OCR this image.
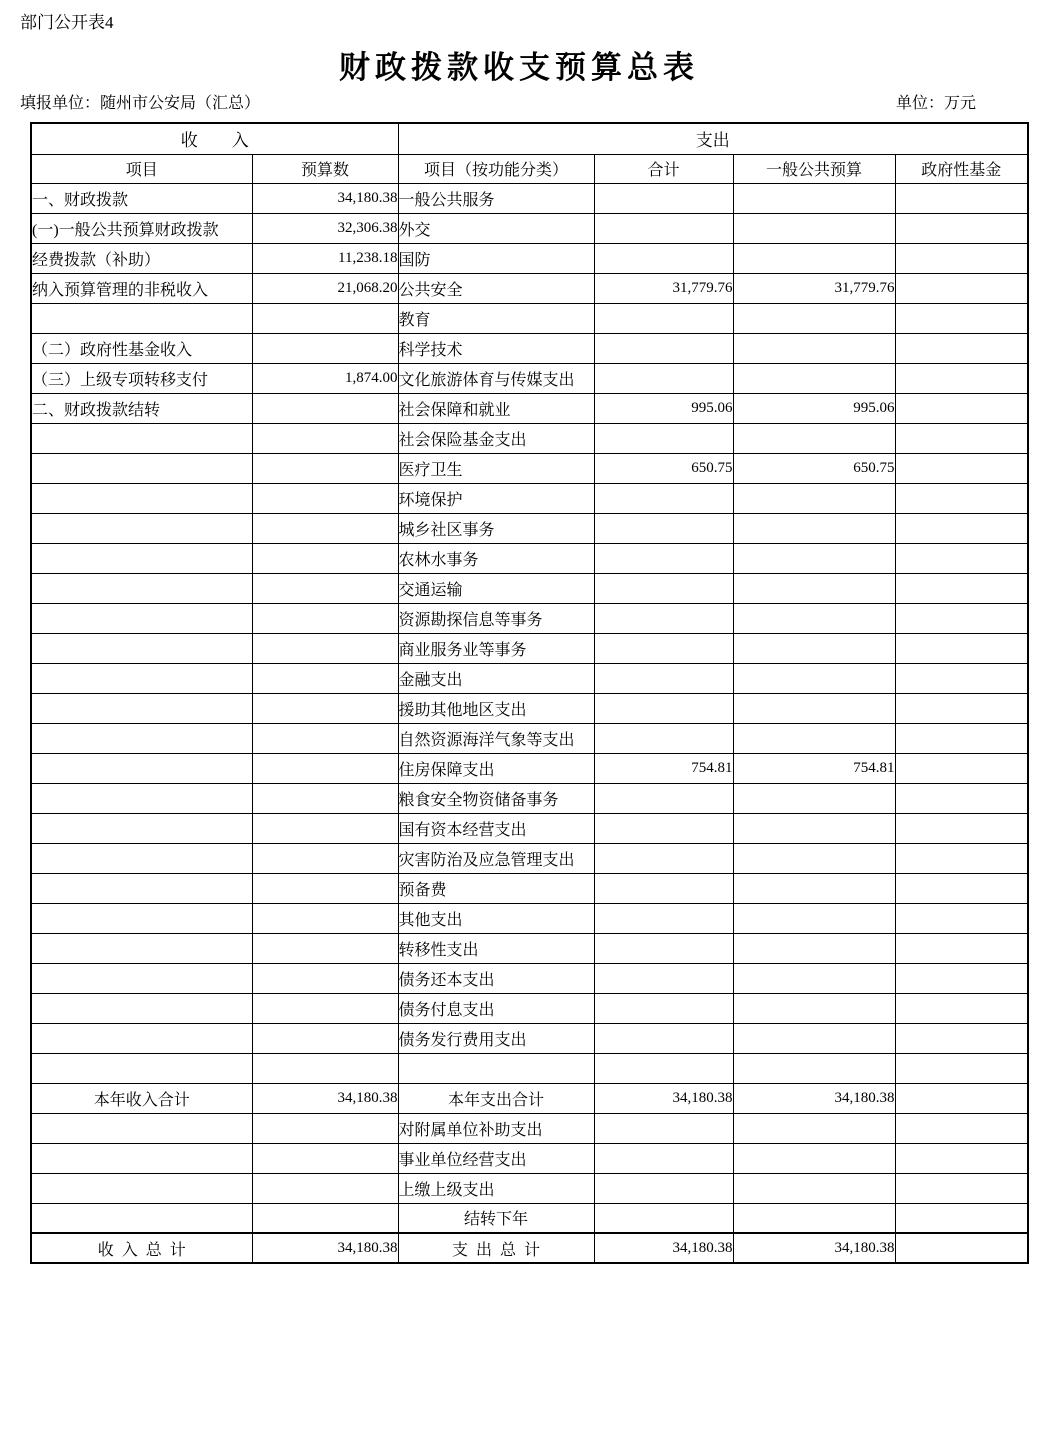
部门公开表4
财政拨款收支预算总表
填报单位：随州市公安局（汇总）	单位：万元
收        入		支出			
项目	预算数	项目（按功能分类）	合计	一般公共预算	政府性基金
一、财政拨款	34,180.38	一般公共服务			
(一)一般公共预算财政拨款	32,306.38	外交			
经费拨款（补助）	11,238.18	国防			
纳入预算管理的非税收入	21,068.20	公共安全	31,779.76	31,779.76	
		教育			
（二）政府性基金收入		科学技术			
（三）上级专项转移支付	1,874.00	文化旅游体育与传媒支出			
二、财政拨款结转		社会保障和就业	995.06	995.06	
		社会保险基金支出			
		医疗卫生	650.75	650.75	
		环境保护			
		城乡社区事务			
		农林水事务			
		交通运输			
		资源勘探信息等事务			
		商业服务业等事务			
		金融支出			
		援助其他地区支出			
		自然资源海洋气象等支出			
		住房保障支出	754.81	754.81	
		粮食安全物资储备事务			
		国有资本经营支出			
		灾害防治及应急管理支出			
		预备费			
		其他支出			
		转移性支出			
		债务还本支出			
		债务付息支出			
		债务发行费用支出			

本年收入合计	34,180.38	本年支出合计	34,180.38	34,180.38	
		对附属单位补助支出			
		事业单位经营支出			
		上缴上级支出			
		结转下年			
收  入  总  计	34,180.38	支  出  总  计	34,180.38	34,180.38	
